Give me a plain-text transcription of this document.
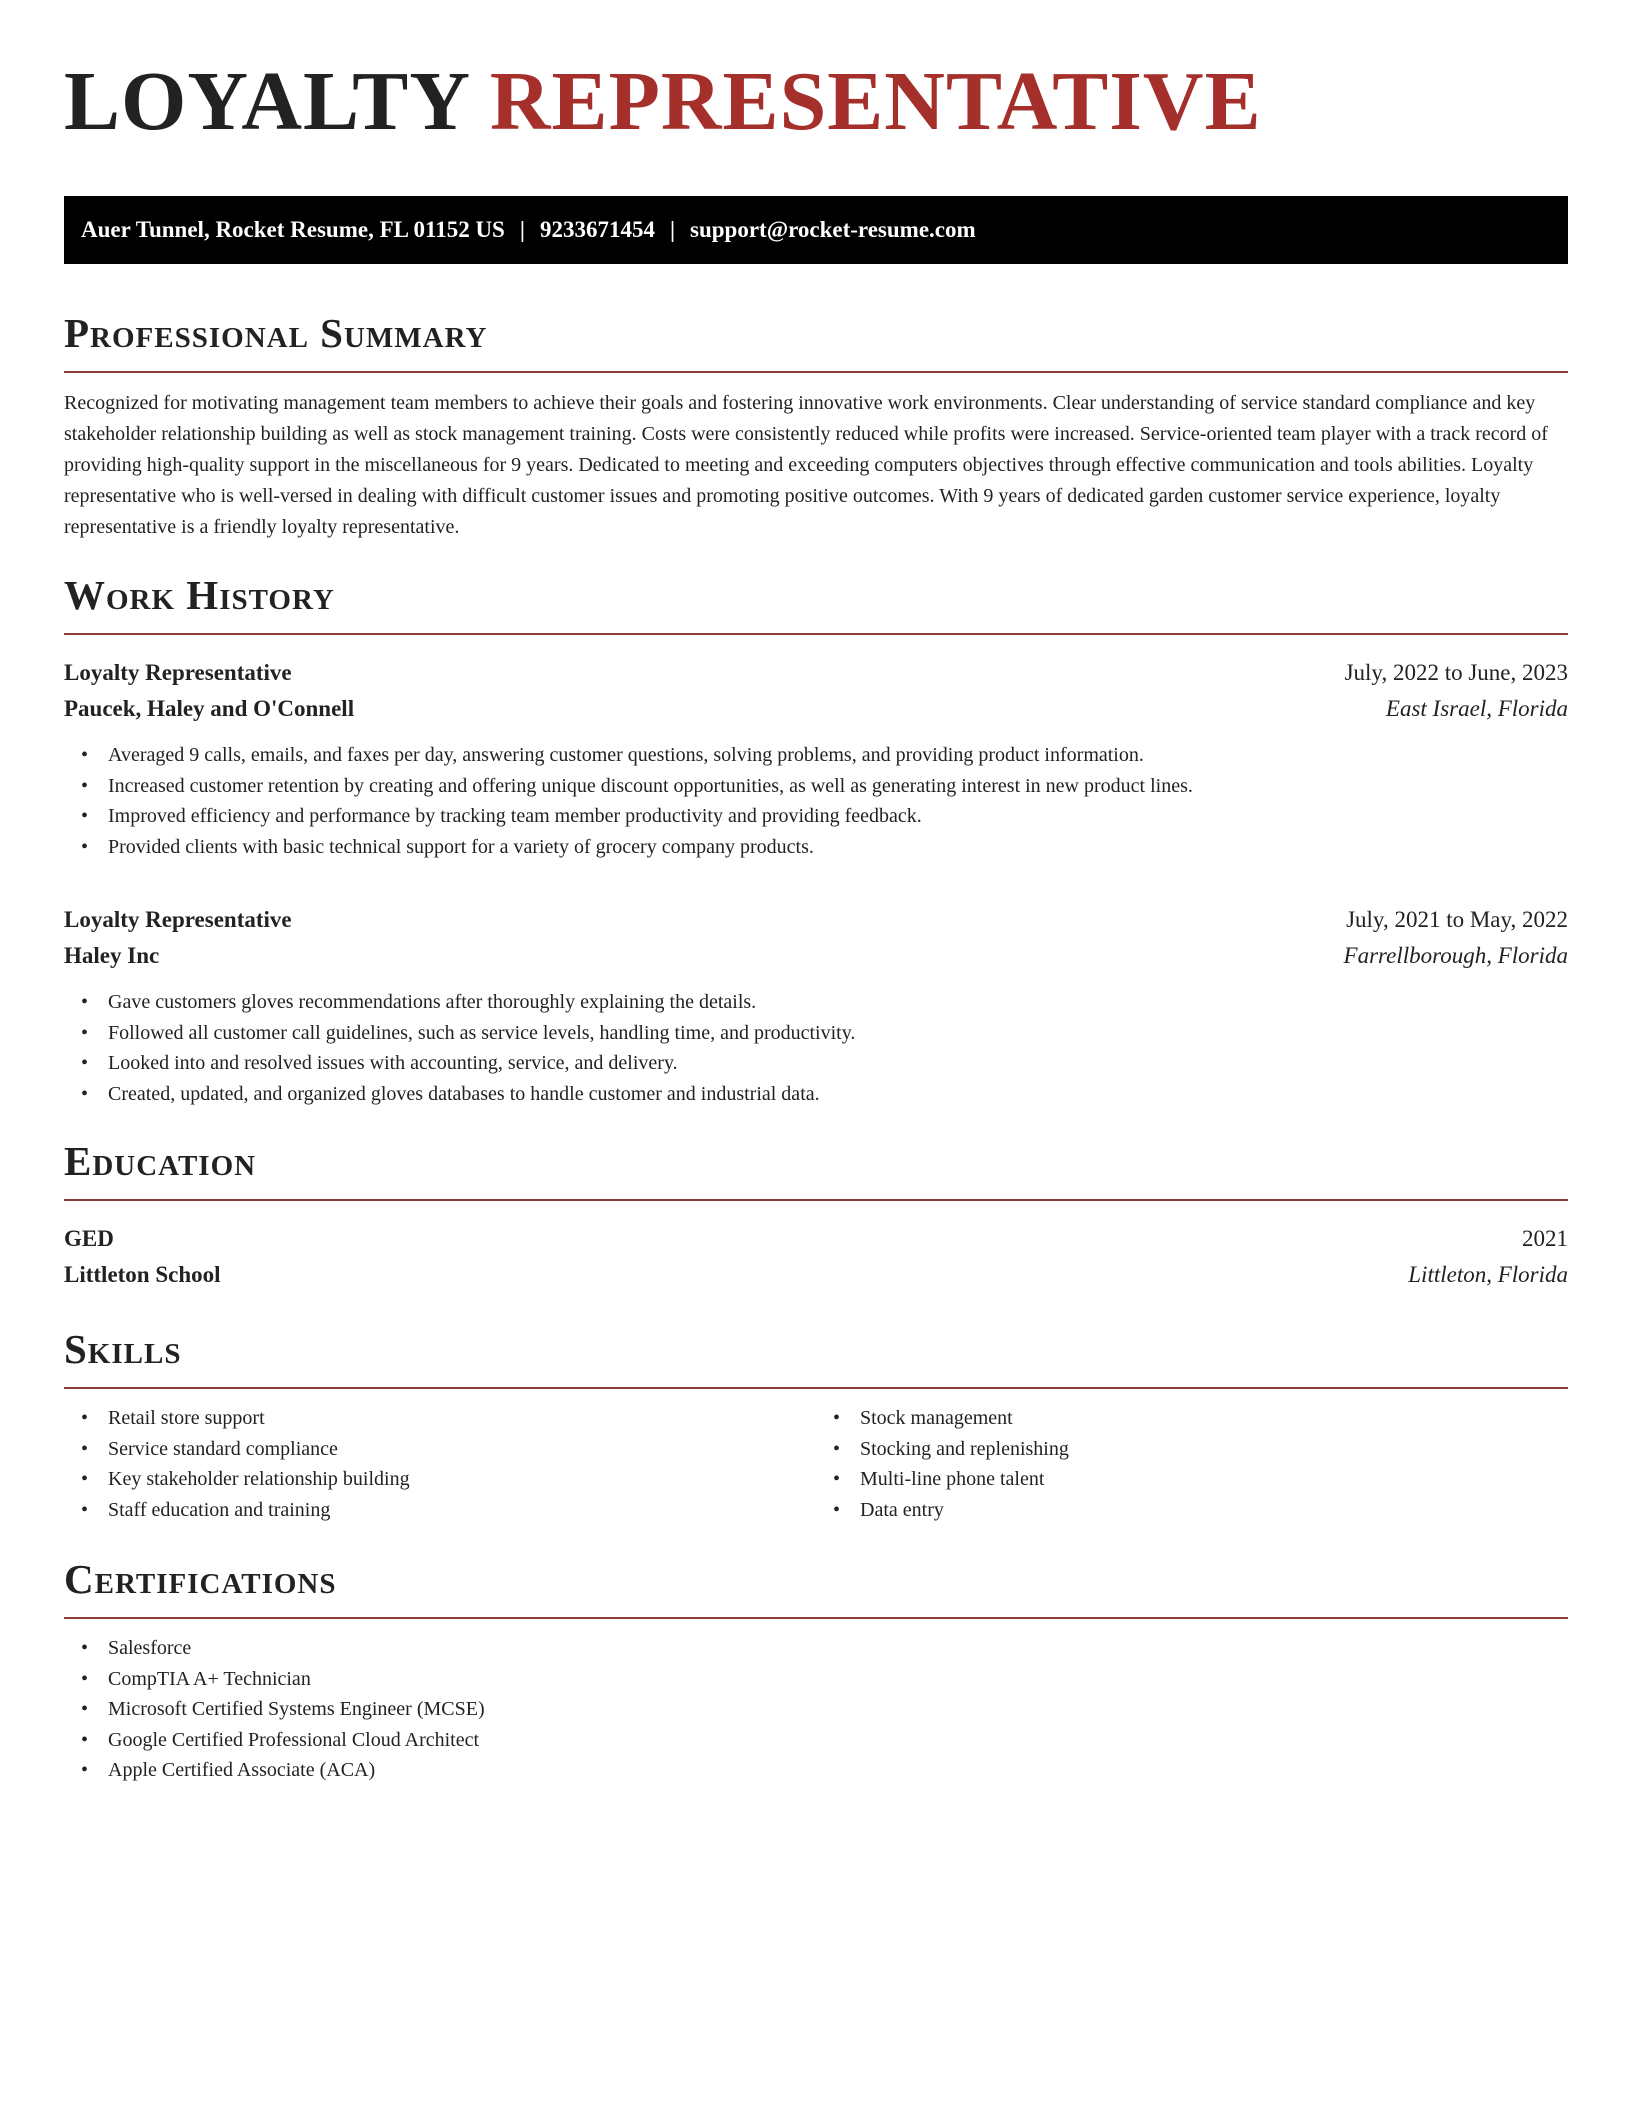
LOYALTY REPRESENTATIVE
Auer Tunnel, Rocket Resume, FL 01152 US | 9233671454 | support@rocket-resume.com
Professional Summary

Recognized for motivating management team members to achieve their goals and fostering innovative work environments. Clear understanding of service standard compliance and key stakeholder relationship building as well as stock management training. Costs were consistently reduced while profits were increased. Service-oriented team player with a track record of providing high-quality support in the miscellaneous for 9 years. Dedicated to meeting and exceeding computers objectives through effective communication and tools abilities. Loyalty representative who is well-versed in dealing with difficult customer issues and promoting positive outcomes. With 9 years of dedicated garden customer service experience, loyalty representative is a friendly loyalty representative.

Work History
Loyalty Representative	July, 2022 to June, 2023
Paucek, Haley and O'Connell	East Israel, Florida
• Averaged 9 calls, emails, and faxes per day, answering customer questions, solving problems, and providing product information.
• Increased customer retention by creating and offering unique discount opportunities, as well as generating interest in new product lines.
• Improved efficiency and performance by tracking team member productivity and providing feedback.
• Provided clients with basic technical support for a variety of grocery company products.
Loyalty Representative	July, 2021 to May, 2022
Haley Inc	Farrellborough, Florida
• Gave customers gloves recommendations after thoroughly explaining the details.
• Followed all customer call guidelines, such as service levels, handling time, and productivity.
• Looked into and resolved issues with accounting, service, and delivery.
• Created, updated, and organized gloves databases to handle customer and industrial data.
Education
GED	2021
Littleton School	Littleton, Florida
Skills
• Retail store support
• Service standard compliance
• Key stakeholder relationship building
• Staff education and training
• Stock management
• Stocking and replenishing
• Multi-line phone talent
• Data entry
Certifications
• Salesforce
• CompTIA A+ Technician
• Microsoft Certified Systems Engineer (MCSE)
• Google Certified Professional Cloud Architect
• Apple Certified Associate (ACA)
